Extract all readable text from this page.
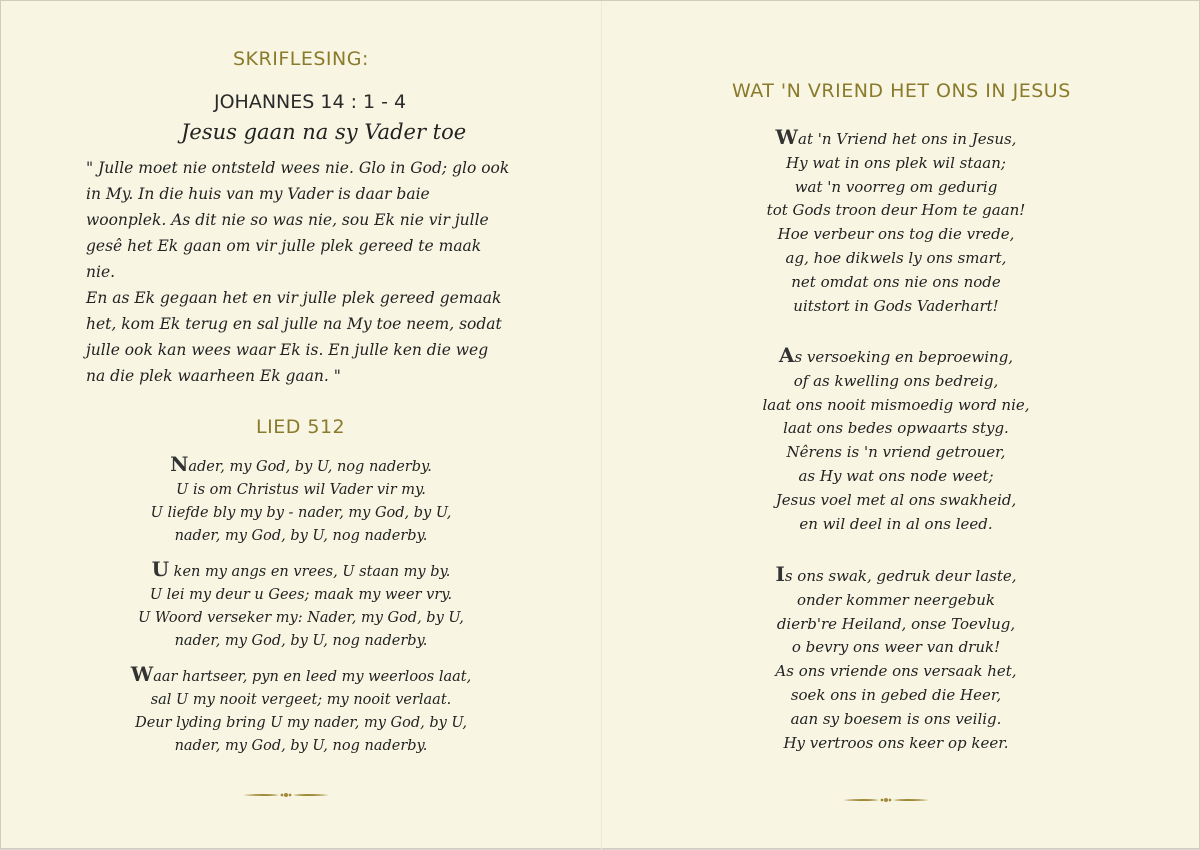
SKRIFLESING:
JOHANNES 14 : 1 - 4
Jesus gaan na sy Vader toe
" Julle moet nie ontsteld wees nie. Glo in God; glo ook
in My. In die huis van my Vader is daar baie
woonplek. As dit nie so was nie, sou Ek nie vir julle
gesê het Ek gaan om vir julle plek gereed te maak nie.
En as Ek gegaan het en vir julle plek gereed gemaak
het, kom Ek terug en sal julle na My toe neem, sodat
julle ook kan wees waar Ek is. En julle ken die weg
na die plek waarheen Ek gaan. "
LIED 512
Nader, my God, by U, nog naderby.
U is om Christus wil Vader vir my.
U liefde bly my by - nader, my God, by U,
nader, my God, by U, nog naderby.
U ken my angs en vrees, U staan my by.
U lei my deur u Gees; maak my weer vry.
U Woord verseker my: Nader, my God, by U,
nader, my God, by U, nog naderby.
Waar hartseer, pyn en leed my weerloos laat,
sal U my nooit vergeet; my nooit verlaat.
Deur lyding bring U my nader, my God, by U,
nader, my God, by U, nog naderby.
WAT 'N VRIEND HET ONS IN JESUS
Wat 'n Vriend het ons in Jesus,
Hy wat in ons plek wil staan;
wat 'n voorreg om gedurig
tot Gods troon deur Hom te gaan!
Hoe verbeur ons tog die vrede,
ag, hoe dikwels ly ons smart,
net omdat ons nie ons node
uitstort in Gods Vaderhart!
As versoeking en beproewing,
of as kwelling ons bedreig,
laat ons nooit mismoedig word nie,
laat ons bedes opwaarts styg.
Nêrens is 'n vriend getrouer,
as Hy wat ons node weet;
Jesus voel met al ons swakheid,
en wil deel in al ons leed.
Is ons swak, gedruk deur laste,
onder kommer neergebuk
dierb're Heiland, onse Toevlug,
o bevry ons weer van druk!
As ons vriende ons versaak het,
soek ons in gebed die Heer,
aan sy boesem is ons veilig.
Hy vertroos ons keer op keer.
